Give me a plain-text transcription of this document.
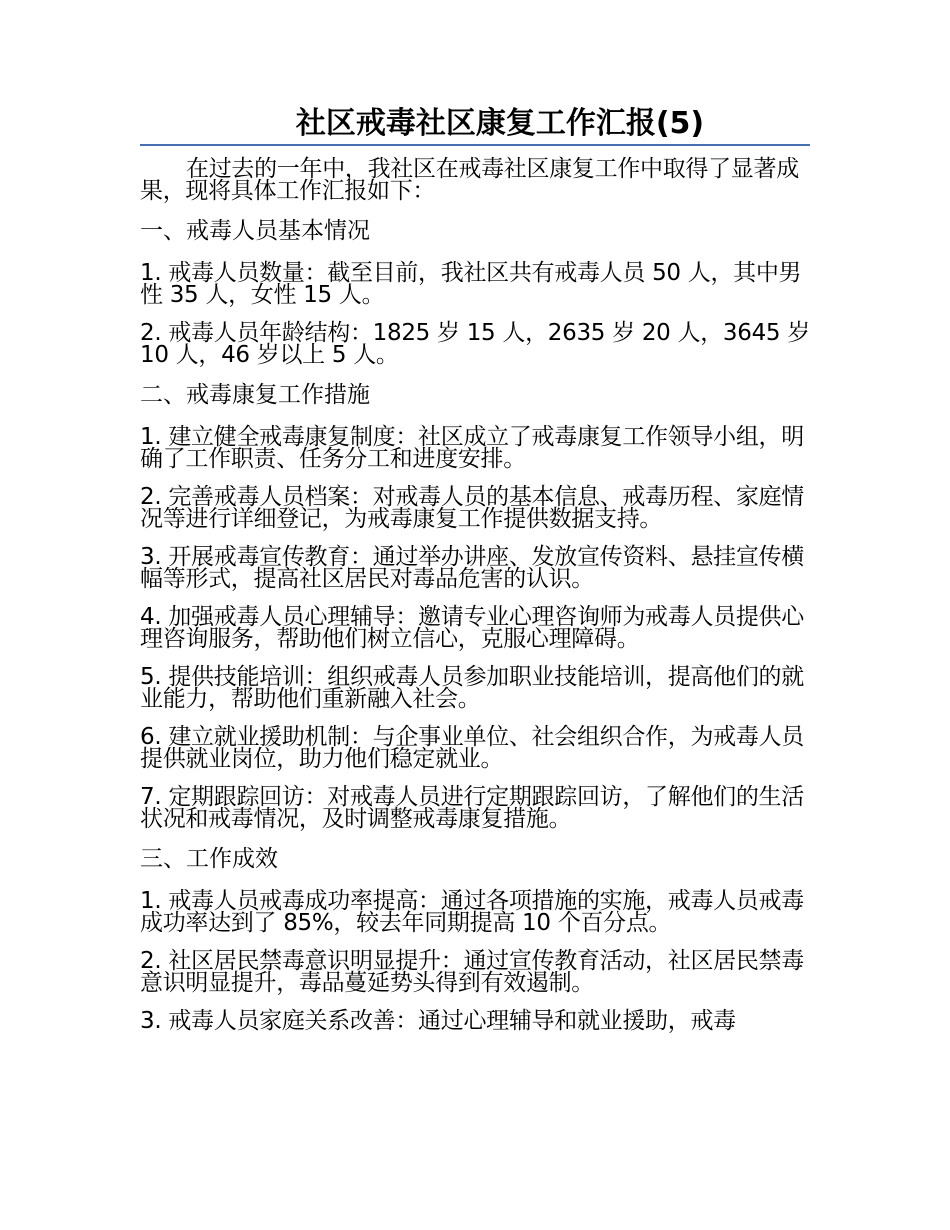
社区戒毒社区康复工作汇报(5)

在过去的一年中，我社区在戒毒社区康复工作中取得了显著成果，现将具体工作汇报如下：

一、戒毒人员基本情况

1. 戒毒人员数量：截至目前，我社区共有戒毒人员 50 人，其中男性 35 人，女性 15 人。

2. 戒毒人员年龄结构：1825 岁 15 人，2635 岁 20 人，3645 岁 10 人，46 岁以上 5 人。

二、戒毒康复工作措施

1. 建立健全戒毒康复制度：社区成立了戒毒康复工作领导小组，明确了工作职责、任务分工和进度安排。

2. 完善戒毒人员档案：对戒毒人员的基本信息、戒毒历程、家庭情况等进行详细登记，为戒毒康复工作提供数据支持。

3. 开展戒毒宣传教育：通过举办讲座、发放宣传资料、悬挂宣传横幅等形式，提高社区居民对毒品危害的认识。

4. 加强戒毒人员心理辅导：邀请专业心理咨询师为戒毒人员提供心理咨询服务，帮助他们树立信心，克服心理障碍。

5. 提供技能培训：组织戒毒人员参加职业技能培训，提高他们的就业能力，帮助他们重新融入社会。

6. 建立就业援助机制：与企事业单位、社会组织合作，为戒毒人员提供就业岗位，助力他们稳定就业。

7. 定期跟踪回访：对戒毒人员进行定期跟踪回访，了解他们的生活状况和戒毒情况，及时调整戒毒康复措施。

三、工作成效

1. 戒毒人员戒毒成功率提高：通过各项措施的实施，戒毒人员戒毒成功率达到了 85%，较去年同期提高 10 个百分点。

2. 社区居民禁毒意识明显提升：通过宣传教育活动，社区居民禁毒意识明显提升，毒品蔓延势头得到有效遏制。

3. 戒毒人员家庭关系改善：通过心理辅导和就业援助，戒毒
